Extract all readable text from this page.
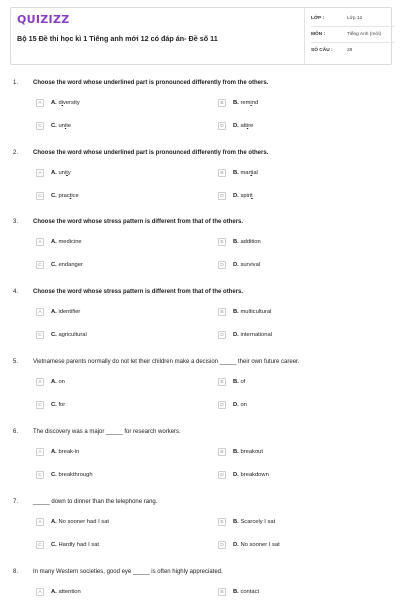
QUIZIZZ
Bộ 15 Đề thi học kì 1 Tiếng anh mới 12 có đáp án- Đề số 11
LỚP :	Lớp 12
MÔN :	Tiếng Anh (mới)
SỐ CÂU :	28
1. Choose the word whose underlined part is pronounced differently from the others.
A	A. diversity	B	B. remind
C	C. unite	D	D. attire
2. Choose the word whose underlined part is pronounced differently from the others.
A	A. unity	B	B. martial
C	C. practice	D	D. spirit
3. Choose the word whose stress pattern is different from that of the others.
A	A. medicine	B	B. addition
C	C. endanger	D	D. survival
4. Choose the word whose stress pattern is different from that of the others.
A	A. identifier	B	B. multicultural
C	C. agricultural	D	D. international
5. Vietnamese parents normally do not let their children make a decision _____ their own future career.
A	A. on	B	B. of
C	C. for	D	D. on
6. The discovery was a major _____ for research workers.
A	A. break-in	B	B. breakout
C	C. breakthrough	D	D. breakdown
7. _____ down to dinner than the telephone rang.
A	A. No sooner had I sat	B	B. Scarcely I sat
C	C. Hardly had I sat	D	D. No sooner I sat
8. In many Western societies, good eye _____ is often highly appreciated.
A	A. attention	B	B. contact
